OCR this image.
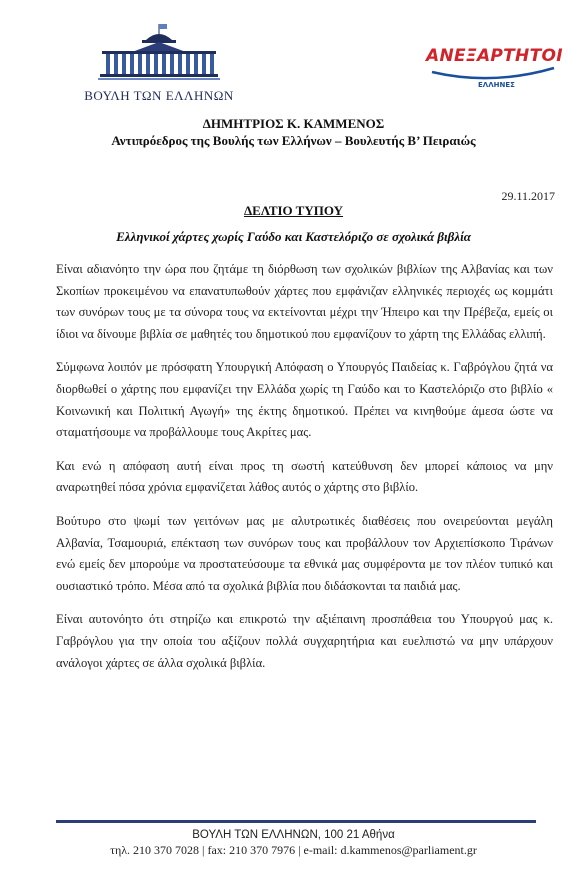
ΒΟΥΛΗ ΤΩΝ ΕΛΛΗΝΩΝ
ΑΝΕΞΑΡΤΗΤΟΙ
ΕΛΛΗΝΕΣ
ΔΗΜΗΤΡΙΟΣ Κ. ΚΑΜΜΕΝΟΣ
Αντιπρόεδρος της Βουλής των Ελλήνων – Βουλευτής Β’ Πειραιώς
29.11.2017
ΔΕΛΤΙΟ ΤΥΠΟΥ
Ελληνικοί χάρτες χωρίς Γαύδο και Καστελόριζο σε σχολικά βιβλία

Είναι αδιανόητο την ώρα που ζητάμε τη διόρθωση των σχολικών βιβλίων της Αλβανίας και των Σκοπίων προκειμένου να επανατυπωθούν χάρτες που εμφάνιζαν ελληνικές περιοχές ως κομμάτι των συνόρων τους με τα σύνορα τους να εκτείνονται μέχρι την Ήπειρο και την Πρέβεζα, εμείς οι ίδιοι να δίνουμε βιβλία σε μαθητές του δημοτικού που εμφανίζουν το χάρτη της Ελλάδας ελλιπή.

Σύμφωνα λοιπόν με πρόσφατη Υπουργική Απόφαση ο Υπουργός Παιδείας κ. Γαβρόγλου ζητά να διορθωθεί ο χάρτης που εμφανίζει την Ελλάδα χωρίς τη Γαύδο και το Καστελόριζο στο βιβλίο « Κοινωνική και Πολιτική Αγωγή» της έκτης δημοτικού. Πρέπει να κινηθούμε άμεσα ώστε να σταματήσουμε να προβάλλουμε τους Ακρίτες μας.

Και ενώ η απόφαση αυτή είναι προς τη σωστή κατεύθυνση δεν μπορεί κάποιος να μην αναρωτηθεί πόσα χρόνια εμφανίζεται λάθος αυτός ο χάρτης στο βιβλίο.

Βούτυρο στο ψωμί των γειτόνων μας με αλυτρωτικές διαθέσεις που ονειρεύονται μεγάλη Αλβανία, Τσαμουριά, επέκταση των συνόρων τους και προβάλλουν τον Αρχιεπίσκοπο Τιράνων ενώ εμείς δεν μπορούμε να προστατεύσουμε τα εθνικά μας συμφέροντα με τον πλέον τυπικό και ουσιαστικό τρόπο. Μέσα από τα σχολικά βιβλία που διδάσκονται τα παιδιά μας.

Είναι αυτονόητο ότι στηρίζω και επικροτώ την αξιέπαινη προσπάθεια του Υπουργού μας κ. Γαβρόγλου για την οποία του αξίζουν πολλά συγχαρητήρια και ευελπιστώ να μην υπάρχουν ανάλογοι χάρτες σε άλλα σχολικά βιβλία.

ΒΟΥΛΗ ΤΩΝ ΕΛΛΗΝΩΝ, 100 21 Αθήνα
τηλ. 210 370 7028 | fax: 210 370 7976 | e-mail: d.kammenos@parliament.gr
